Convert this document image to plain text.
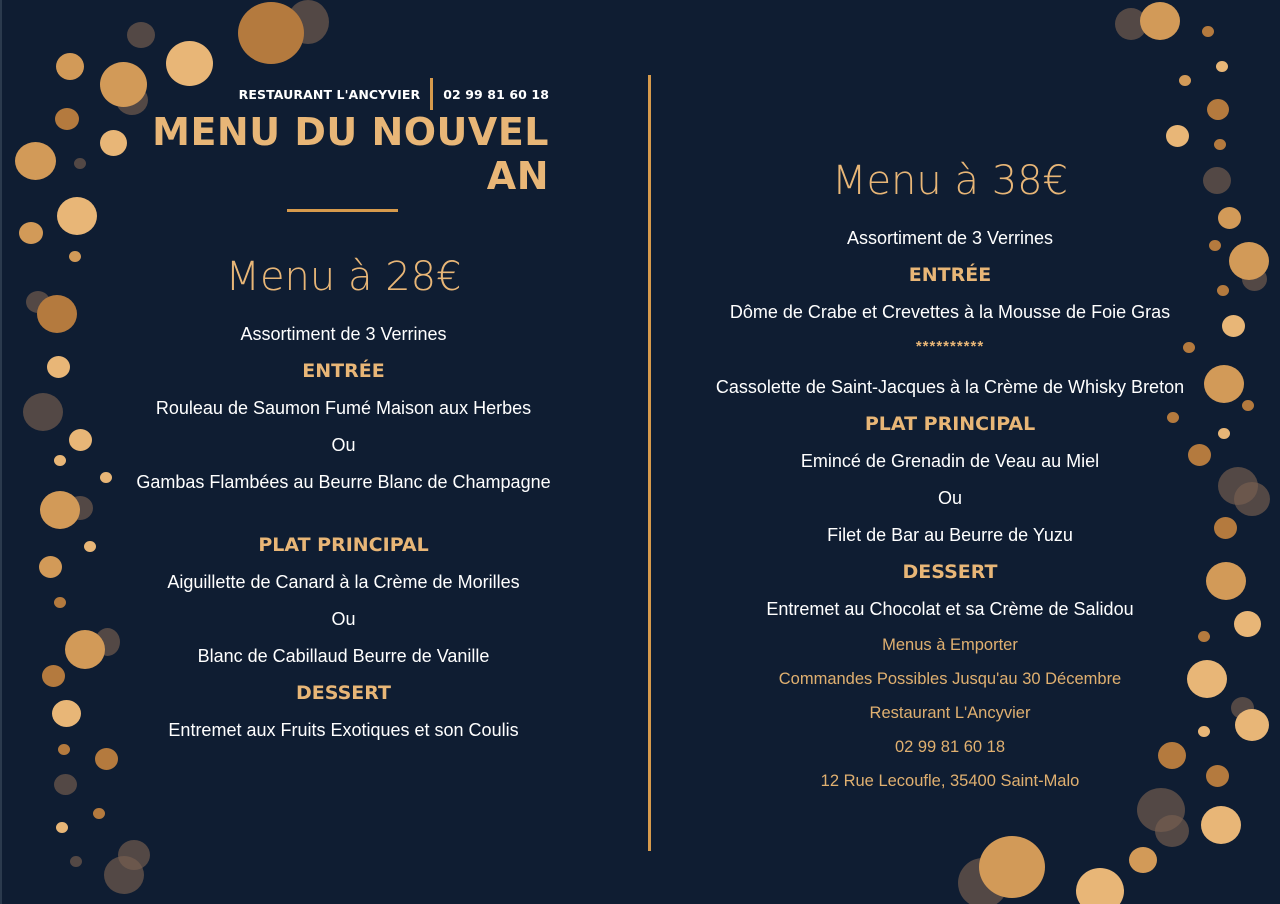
RESTAURANT L'ANCYVIER 02 99 81 60 18
MENU DU NOUVEL AN
Menu à 28€
Assortiment de 3 Verrines
ENTRÉE
Rouleau de Saumon Fumé Maison aux Herbes
Ou
Gambas Flambées au Beurre Blanc de Champagne
PLAT PRINCIPAL
Aiguillette de Canard à la Crème de Morilles
Ou
Blanc de Cabillaud Beurre de Vanille
DESSERT
Entremet aux Fruits Exotiques et son Coulis
Menu à 38€
Assortiment de 3 Verrines
ENTRÉE
Dôme de Crabe et Crevettes à la Mousse de Foie Gras
**********
Cassolette de Saint-Jacques à la Crème de Whisky Breton
PLAT PRINCIPAL
Emincé de Grenadin de Veau au Miel
Ou
Filet de Bar au Beurre de Yuzu
DESSERT
Entremet au Chocolat et sa Crème de Salidou
Menus à Emporter
Commandes Possibles Jusqu'au 30 Décembre
Restaurant L'Ancyvier
02 99 81 60 18
12 Rue Lecoufle, 35400 Saint-Malo
